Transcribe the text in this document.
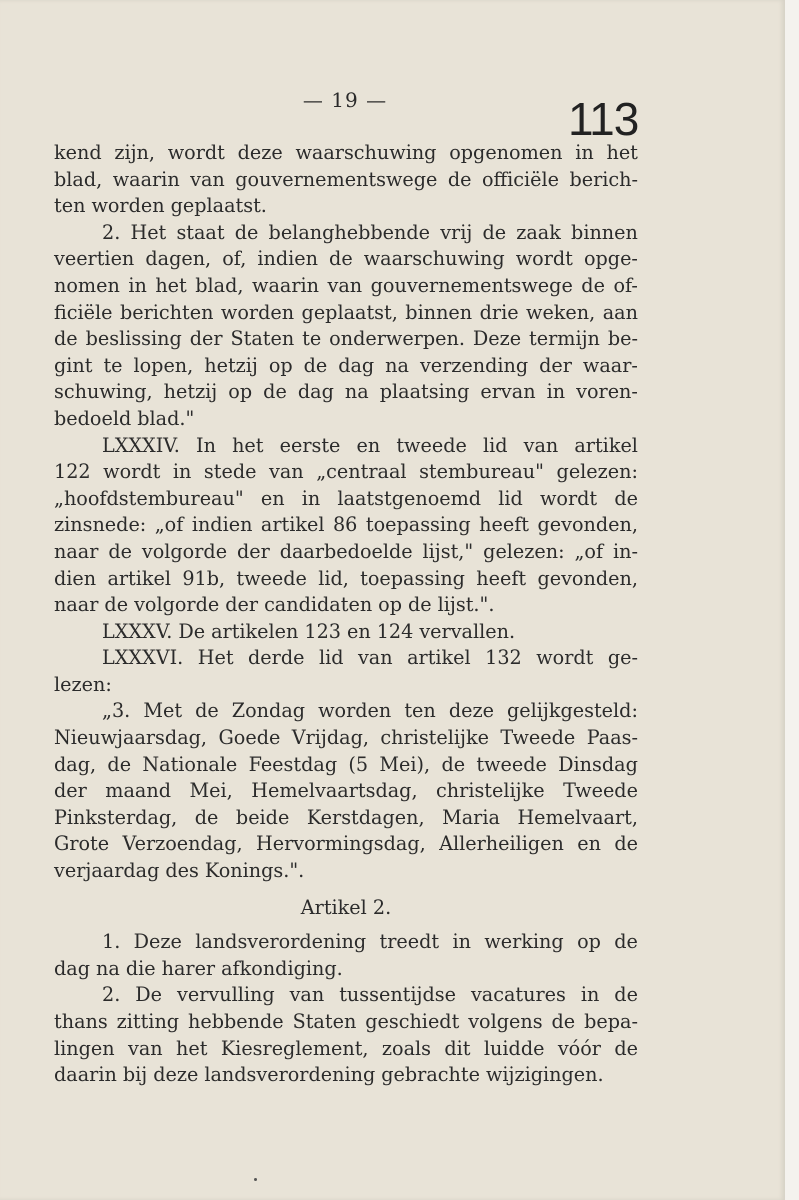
— 19 —	113
kend zijn, wordt deze waarschuwing opgenomen in het
blad, waarin van gouvernementswege de officiële berich-
ten worden geplaatst.
2. Het staat de belanghebbende vrij de zaak binnen
veertien dagen, of, indien de waarschuwing wordt opge-
nomen in het blad, waarin van gouvernementswege de of-
ficiële berichten worden geplaatst, binnen drie weken, aan
de beslissing der Staten te onderwerpen. Deze termijn be-
gint te lopen, hetzij op de dag na verzending der waar-
schuwing, hetzij op de dag na plaatsing ervan in voren-
bedoeld blad."
LXXXIV. In het eerste en tweede lid van artikel
122 wordt in stede van „centraal stembureau" gelezen:
„hoofdstembureau" en in laatstgenoemd lid wordt de
zinsnede: „of indien artikel 86 toepassing heeft gevonden,
naar de volgorde der daarbedoelde lijst," gelezen: „of in-
dien artikel 91b, tweede lid, toepassing heeft gevonden,
naar de volgorde der candidaten op de lijst.".
LXXXV. De artikelen 123 en 124 vervallen.
LXXXVI. Het derde lid van artikel 132 wordt ge-
lezen:
„3. Met de Zondag worden ten deze gelijkgesteld:
Nieuwjaarsdag, Goede Vrijdag, christelijke Tweede Paas-
dag, de Nationale Feestdag (5 Mei), de tweede Dinsdag
der maand Mei, Hemelvaartsdag, christelijke Tweede
Pinksterdag, de beide Kerstdagen, Maria Hemelvaart,
Grote Verzoendag, Hervormingsdag, Allerheiligen en de
verjaardag des Konings.".
Artikel 2.
1. Deze landsverordening treedt in werking op de
dag na die harer afkondiging.
2. De vervulling van tussentijdse vacatures in de
thans zitting hebbende Staten geschiedt volgens de bepa-
lingen van het Kiesreglement, zoals dit luidde vóór de
daarin bij deze landsverordening gebrachte wijzigingen.
